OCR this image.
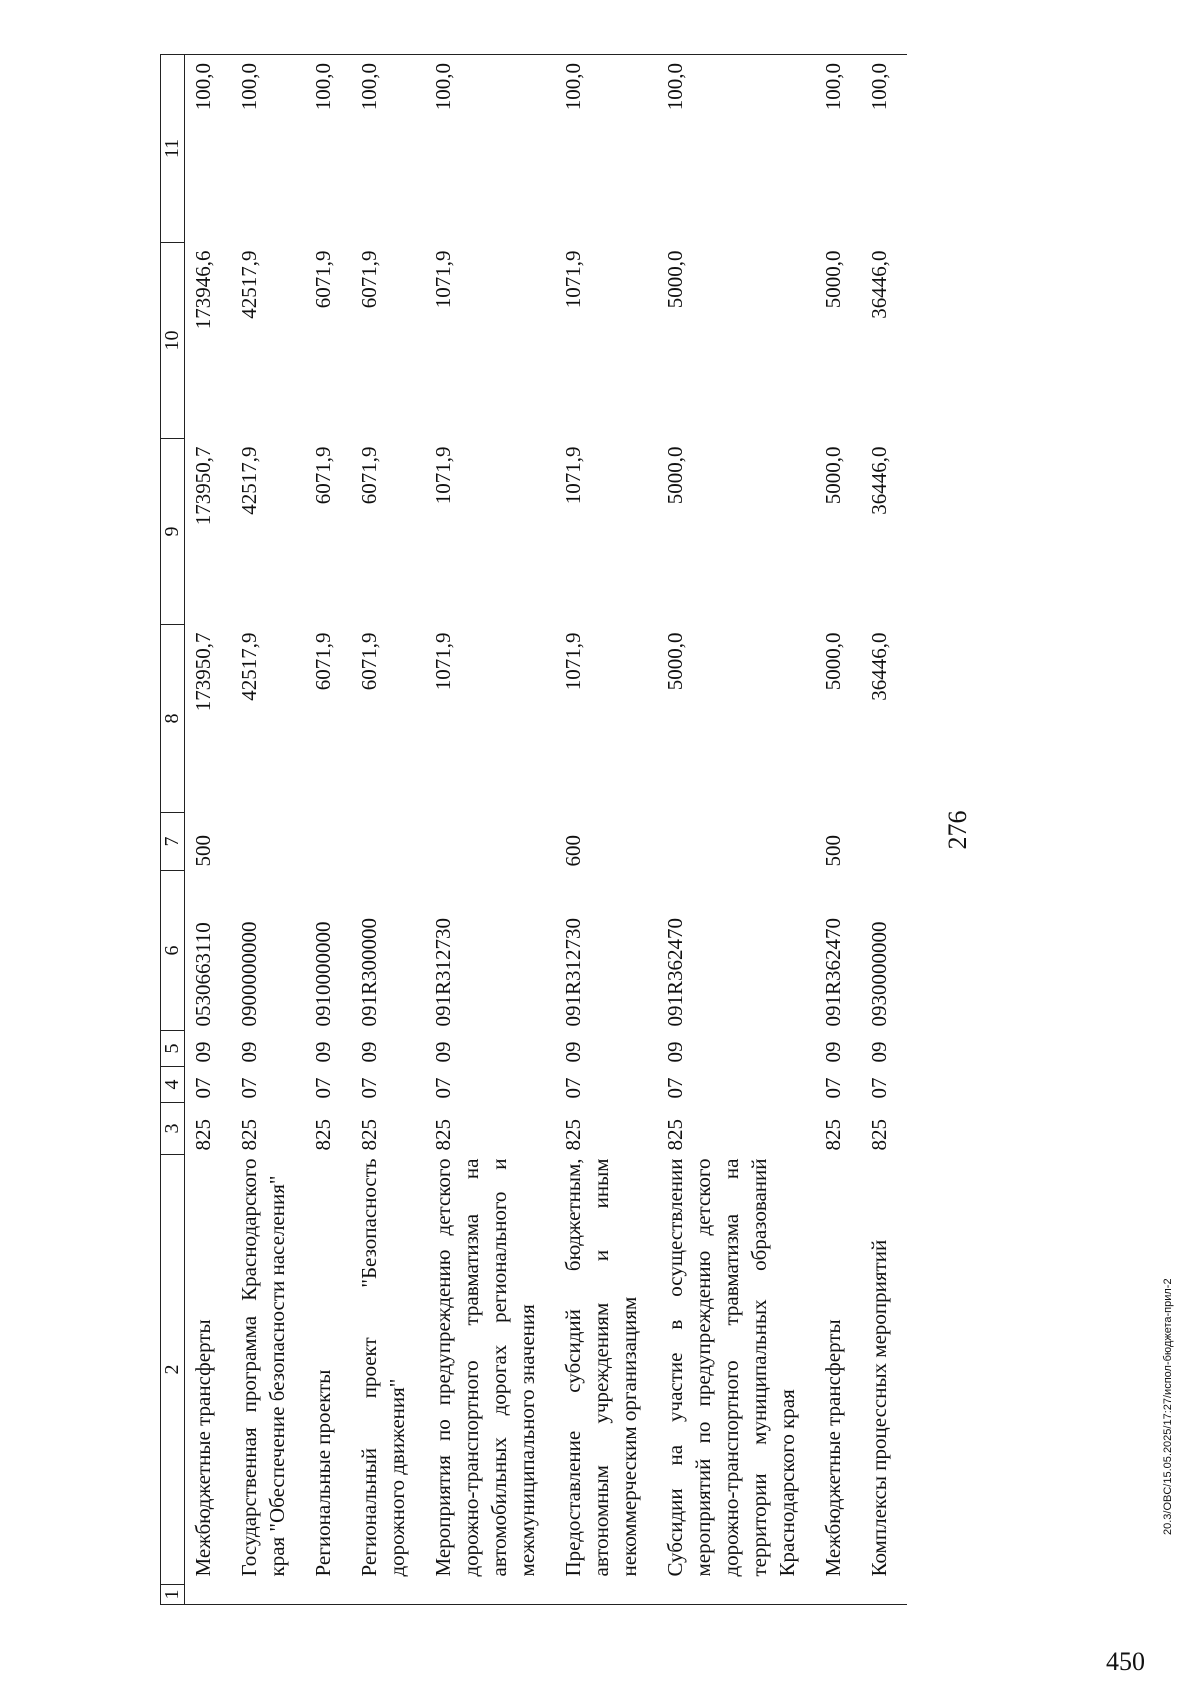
1	2	3	4	5	6	7	8	9	10	11
	Межбюджетные трансферты	825	07	09	0530663110	500	173950,7	173950,7	173946,6	100,0
	Государственная программа Краснодарского края "Обеспечение безопасности населения"	825	07	09	0900000000		42517,9	42517,9	42517,9	100,0
	Региональные проекты	825	07	09	0910000000		6071,9	6071,9	6071,9	100,0
	Региональный проект "Безопасность дорожного движения"	825	07	09	091R300000		6071,9	6071,9	6071,9	100,0
	Мероприятия по предупреждению детского дорожно-транспортного травматизма на автомобильных дорогах регионального и межмуниципального значения	825	07	09	091R312730		1071,9	1071,9	1071,9	100,0
	Предоставление субсидий бюджетным, автономным учреждениям и иным некоммерческим организациям	825	07	09	091R312730	600	1071,9	1071,9	1071,9	100,0
	Субсидии на участие в осуществлении мероприятий по предупреждению детского дорожно-транспортного травматизма на территории муниципальных образований Краснодарского края	825	07	09	091R362470		5000,0	5000,0	5000,0	100,0
	Межбюджетные трансферты	825	07	09	091R362470	500	5000,0	5000,0	5000,0	100,0
	Комплексы процессных мероприятий	825	07	09	0930000000		36446,0	36446,0	36446,0	100,0
276
20.3/OBC/15.05.2025/17:27/испол-бюджета-прил-2
450
